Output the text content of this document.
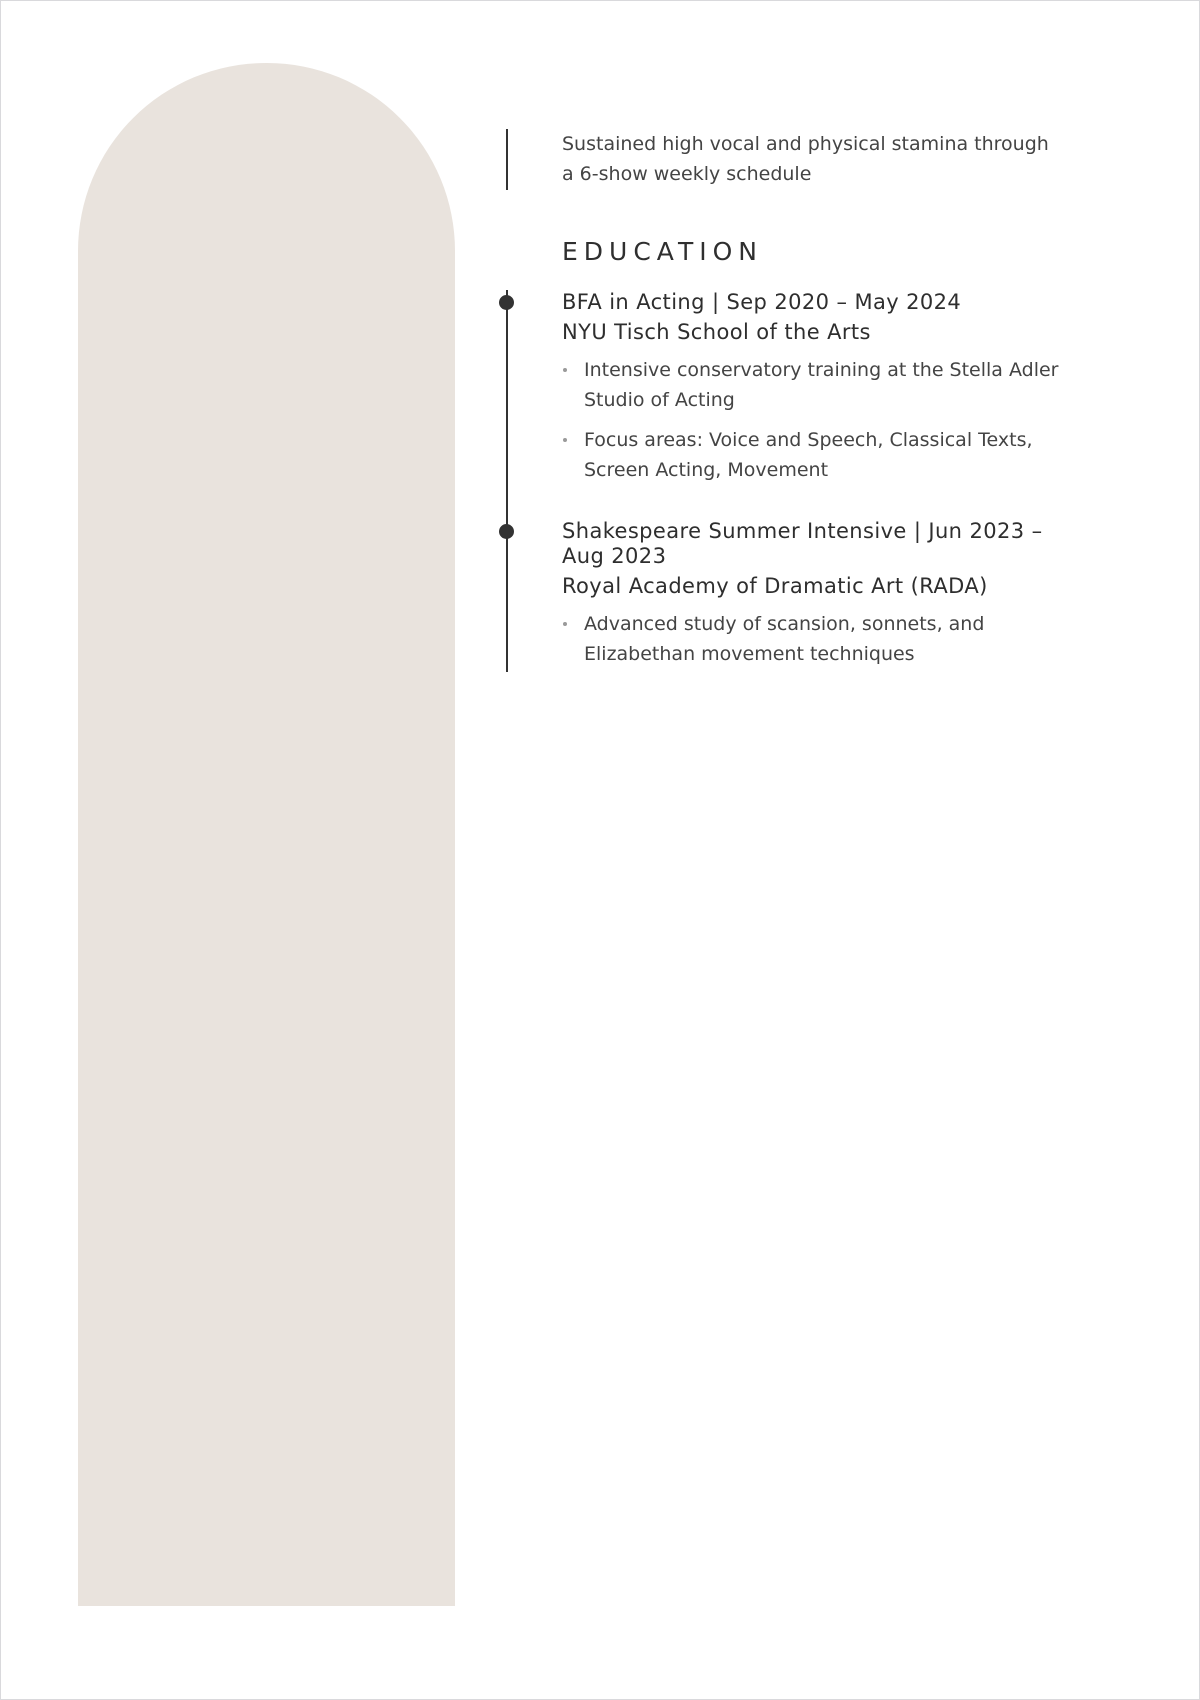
Sustained high vocal and physical stamina through a 6-show weekly schedule

EDUCATION
BFA in Acting | Sep 2020 – May 2024
NYU Tisch School of the Arts
Intensive conservatory training at the Stella Adler Studio of Acting
Focus areas: Voice and Speech, Classical Texts, Screen Acting, Movement
Shakespeare Summer Intensive | Jun 2023 – Aug 2023
Royal Academy of Dramatic Art (RADA)
Advanced study of scansion, sonnets, and Elizabethan movement techniques
